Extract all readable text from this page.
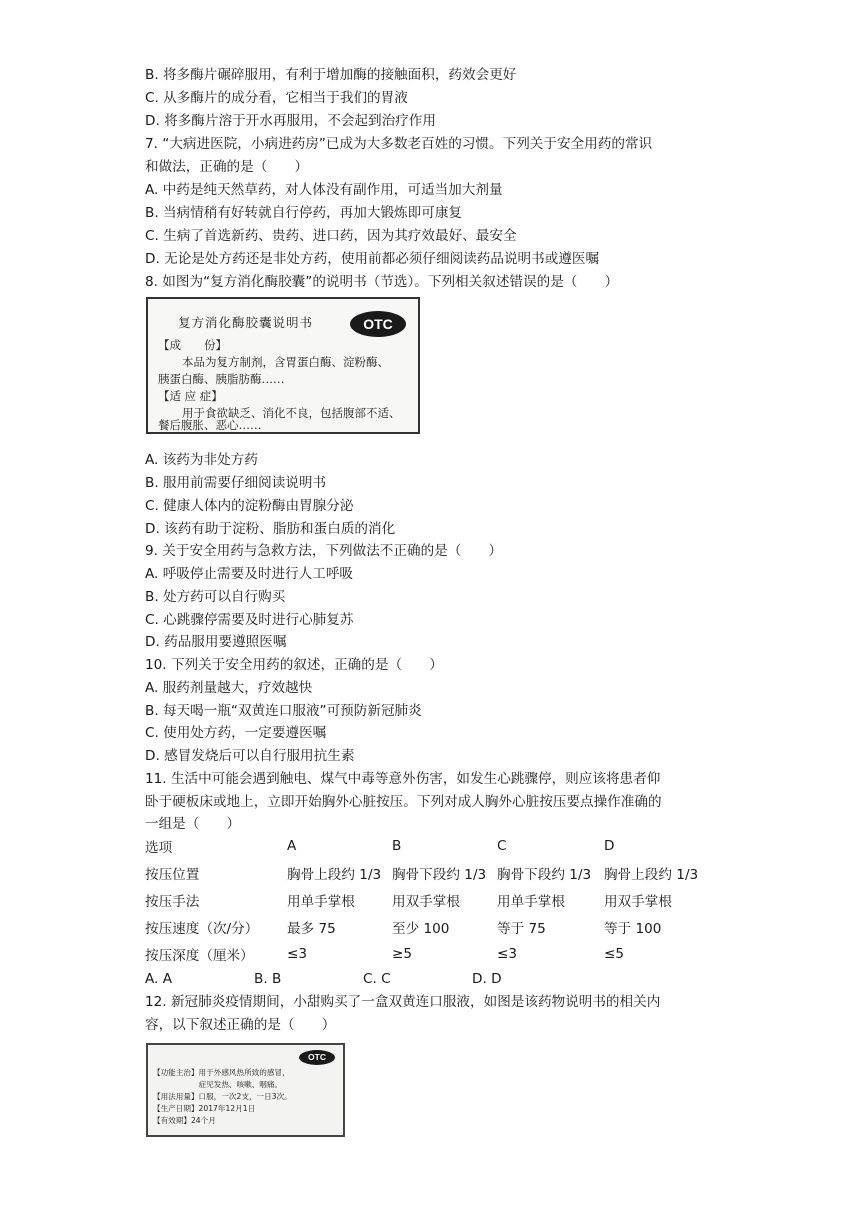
B. 将多酶片碾碎服用，有利于增加酶的接触面积，药效会更好
C. 从多酶片的成分看，它相当于我们的胃液
D. 将多酶片溶于开水再服用，不会起到治疗作用
7. “大病进医院，小病进药房”已成为大多数老百姓的习惯。下列关于安全用药的常识
和做法，正确的是（　　）
A. 中药是纯天然草药，对人体没有副作用，可适当加大剂量
B. 当病情稍有好转就自行停药，再加大锻炼即可康复
C. 生病了首选新药、贵药、进口药，因为其疗效最好、最安全
D. 无论是处方药还是非处方药，使用前都必须仔细阅读药品说明书或遵医嘱
8. 如图为“复方消化酶胶囊”的说明书（节选）。下列相关叙述错误的是（　　）
复方消化酶胶囊说明书	OTC
【成　　份】
本品为复方制剂，含胃蛋白酶、淀粉酶、
胰蛋白酶、胰脂肪酶……
【适 应 症】
用于食欲缺乏、消化不良，包括腹部不适、
餐后腹胀、恶心……
A. 该药为非处方药
B. 服用前需要仔细阅读说明书
C. 健康人体内的淀粉酶由胃腺分泌
D. 该药有助于淀粉、脂肪和蛋白质的消化
9. 关于安全用药与急救方法，下列做法不正确的是（　　）
A. 呼吸停止需要及时进行人工呼吸
B. 处方药可以自行购买
C. 心跳骤停需要及时进行心肺复苏
D. 药品服用要遵照医嘱
10. 下列关于安全用药的叙述，正确的是（　　）
A. 服药剂量越大，疗效越快
B. 每天喝一瓶“双黄连口服液”可预防新冠肺炎
C. 使用处方药，一定要遵医嘱
D. 感冒发烧后可以自行服用抗生素
11. 生活中可能会遇到触电、煤气中毒等意外伤害，如发生心跳骤停，则应该将患者仰
卧于硬板床或地上，立即开始胸外心脏按压。下列对成人胸外心脏按压要点操作准确的
一组是（　　）
选项	A	B	C	D
按压位置	胸骨上段约 1/3	胸骨下段约 1/3	胸骨下段约 1/3	胸骨上段约 1/3
按压手法	用单手掌根	用双手掌根	用单手掌根	用双手掌根
按压速度（次/分）	最多 75	至少 100	等于 75	等于 100
按压深度（厘米）	≤3	≥5	≤3	≤5
A. A	B. B	C. C	D. D
12. 新冠肺炎疫情期间，小甜购买了一盒双黄连口服液，如图是该药物说明书的相关内
容，以下叙述正确的是（　　）
OTC
【功能主治】用于外感风热所致的感冒，
　　　　　　症见发热、咳嗽、咽痛。
【用法用量】口服，一次2支，一日3次。
【生产日期】2017年12月1日
【有效期】24个月
